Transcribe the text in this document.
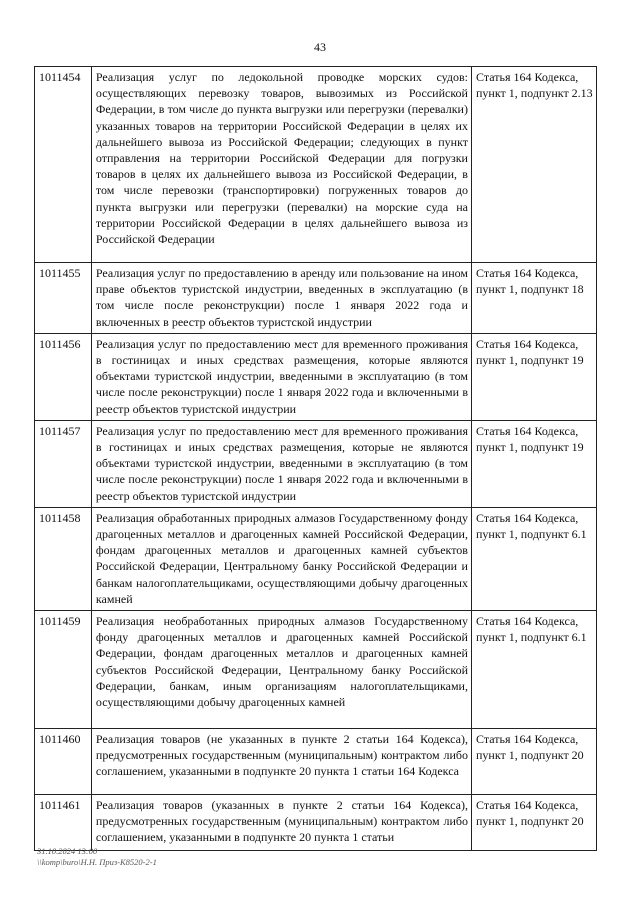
43
1011454	Реализация услуг по ледокольной проводке морских судов: осуществляющих перевозку товаров, вывозимых из Российской Федерации, в том числе до пункта выгрузки или перегрузки (перевалки) указанных товаров на территории Российской Федерации в целях их дальнейшего вывоза из Российской Федерации; следующих в пункт отправления на территории Российской Федерации для погрузки товаров в целях их дальнейшего вывоза из Российской Федерации, в том числе перевозки (транспортировки) погруженных товаров до пункта выгрузки или перегрузки (перевалки) на морские суда на территории Российской Федерации в целях дальнейшего вывоза из Российской Федерации	Статья 164 Кодекса, пункт 1, подпункт 2.13
1011455	Реализация услуг по предоставлению в аренду или пользование на ином праве объектов туристской индустрии, введенных в эксплуатацию (в том числе после реконструкции) после 1 января 2022 года и включенных в реестр объектов туристской индустрии	Статья 164 Кодекса, пункт 1, подпункт 18
1011456	Реализация услуг по предоставлению мест для временного проживания в гостиницах и иных средствах размещения, которые являются объектами туристской индустрии, введенными в эксплуатацию (в том числе после реконструкции) после 1 января 2022 года и включенными в реестр объектов туристской индустрии	Статья 164 Кодекса, пункт 1, подпункт 19
1011457	Реализация услуг по предоставлению мест для временного проживания в гостиницах и иных средствах размещения, которые не являются объектами туристской индустрии, введенными в эксплуатацию (в том числе после реконструкции) после 1 января 2022 года и включенными в реестр объектов туристской индустрии	Статья 164 Кодекса, пункт 1, подпункт 19
1011458	Реализация обработанных природных алмазов Государственному фонду драгоценных металлов и драгоценных камней Российской Федерации, фондам драгоценных металлов и драгоценных камней субъектов Российской Федерации, Центральному банку Российской Федерации и банкам налогоплательщиками, осуществляющими добычу драгоценных камней	Статья 164 Кодекса, пункт 1, подпункт 6.1
1011459	Реализация необработанных природных алмазов Государственному фонду драгоценных металлов и драгоценных камней Российской Федерации, фондам драгоценных металлов и драгоценных камней субъектов Российской Федерации, Центральному банку Российской Федерации, банкам, иным организациям налогоплательщиками, осуществляющими добычу драгоценных камней	Статья 164 Кодекса, пункт 1, подпункт 6.1
1011460	Реализация товаров (не указанных в пункте 2 статьи 164 Кодекса), предусмотренных государственным (муниципальным) контрактом либо соглашением, указанными в подпункте 20 пункта 1 статьи 164 Кодекса	Статья 164 Кодекса, пункт 1, подпункт 20
1011461	Реализация товаров (указанных в пункте 2 статьи 164 Кодекса), предусмотренных государственным (муниципальным) контрактом либо соглашением, указанными в подпункте 20 пункта 1 статьи	Статья 164 Кодекса, пункт 1, подпункт 20
31.10.2024 13:00
\\komp\buro\Н.Н. Приз-К8520-2-1
